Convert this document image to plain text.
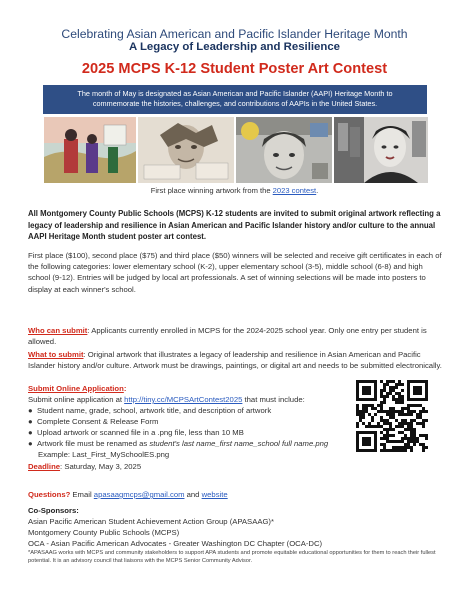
Celebrating Asian American and Pacific Islander Heritage Month
A Legacy of Leadership and Resilience
2025 MCPS K-12 Student Poster Art Contest
The month of May is designated as Asian American and Pacific Islander (AAPI) Heritage Month to
commemorate the histories, challenges, and contributions of AAPIs in the United States.
First place winning artwork from the 2023 contest.
All Montgomery County Public Schools (MCPS) K-12 students are invited to submit original artwork reflecting a legacy of leadership and resilience in Asian American and Pacific Islander history and/or culture to the annual AAPI Heritage Month student poster art contest.
First place ($100), second place ($75) and third place ($50) winners will be selected and receive gift certificates in each of the following categories: lower elementary school (K-2), upper elementary school (3-5), middle school (6-8) and high school (9-12). Entries will be judged by local art professionals. A set of winning selections will be made into posters to display at each winner's school.
Who can submit: Applicants currently enrolled in MCPS for the 2024-2025 school year. Only one entry per student is allowed.
What to submit: Original artwork that illustrates a legacy of leadership and resilience in Asian American and Pacific Islander history and/or culture. Artwork must be drawings, paintings, or digital art and needs to be submitted electronically.
Submit Online Application:
Submit online application at http://tiny.cc/MCPSArtContest2025 that must include:
● Student name, grade, school, artwork title, and description of artwork
● Complete Consent & Release Form
● Upload artwork or scanned file in a .png file, less than 10 MB
● Artwork file must be renamed as student's last name_first name_school full name.png
Example: Last_First_MySchoolES.png
Deadline: Saturday, May 3, 2025
Questions? Email apasaagmcps@gmail.com and website
Co-Sponsors:
Asian Pacific American Student Achievement Action Group (APASAAG)*
Montgomery County Public Schools (MCPS)
OCA - Asian Pacific American Advocates - Greater Washington DC Chapter (OCA-DC)
*APASAAG works with MCPS and community stakeholders to support APA students and promote equitable educational opportunities for them to reach their fullest potential. It is an advisory council that liaisons with the MCPS Senior Community Advisor.
